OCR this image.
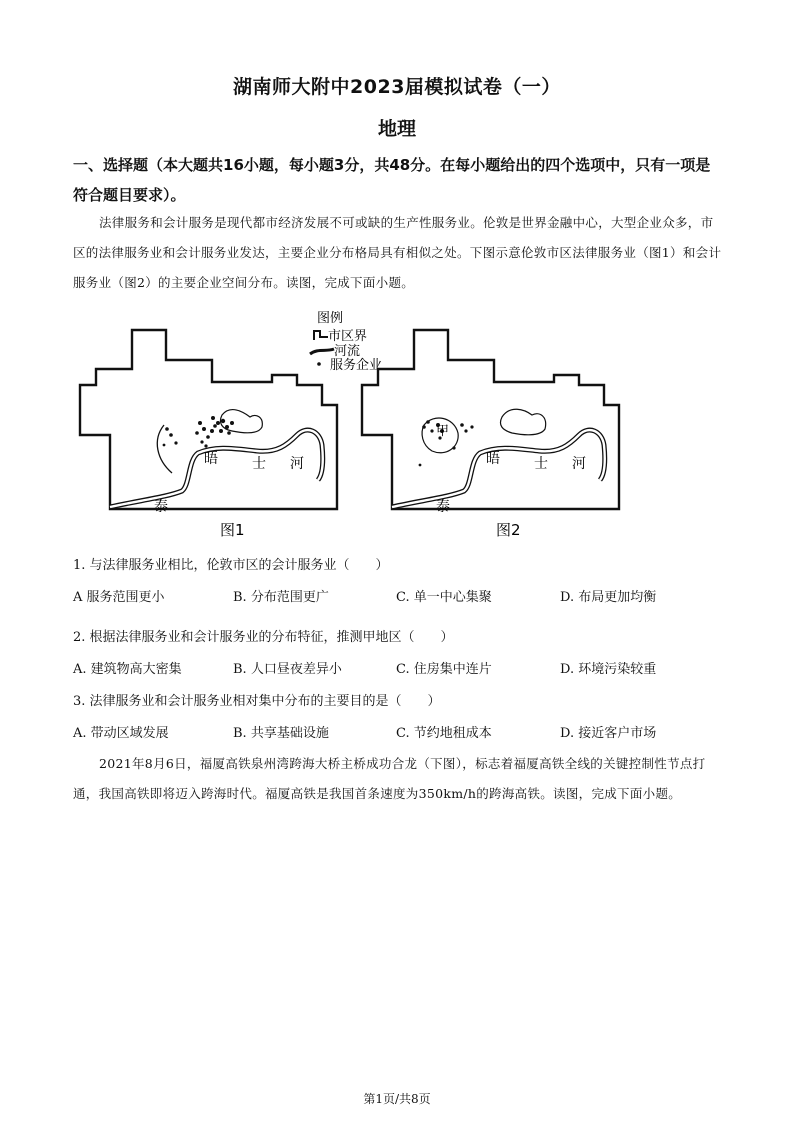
湖南师大附中2023届模拟试卷（一）
地理
一、选择题（本大题共16小题，每小题3分，共48分。在每小题给出的四个选项中，只有一项是符合题目要求）。
法律服务和会计服务是现代都市经济发展不可或缺的生产性服务业。伦敦是世界金融中心，大型企业众多，市区的法律服务业和会计服务业发达，主要企业分布格局具有相似之处。下图示意伦敦市区法律服务业（图1）和会计服务业（图2）的主要企业空间分布。读图，完成下面小题。
晤 士 河
泰
图1
图例
市区界
河流
服务企业
甲
晤 士 河
泰
图2
1. 与法律服务业相比，伦敦市区的会计服务业（　　）
A 服务范围更小	B. 分布范围更广	C. 单一中心集聚	D. 布局更加均衡
2. 根据法律服务业和会计服务业的分布特征，推测甲地区（　　）
A. 建筑物高大密集	B. 人口昼夜差异小	C. 住房集中连片	D. 环境污染较重
3. 法律服务业和会计服务业相对集中分布的主要目的是（　　）
A. 带动区域发展	B. 共享基础设施	C. 节约地租成本	D. 接近客户市场
2021年8月6日，福厦高铁泉州湾跨海大桥主桥成功合龙（下图），标志着福厦高铁全线的关键控制性节点打通，我国高铁即将迈入跨海时代。福厦高铁是我国首条速度为350km/h的跨海高铁。读图，完成下面小题。
第1页/共8页
